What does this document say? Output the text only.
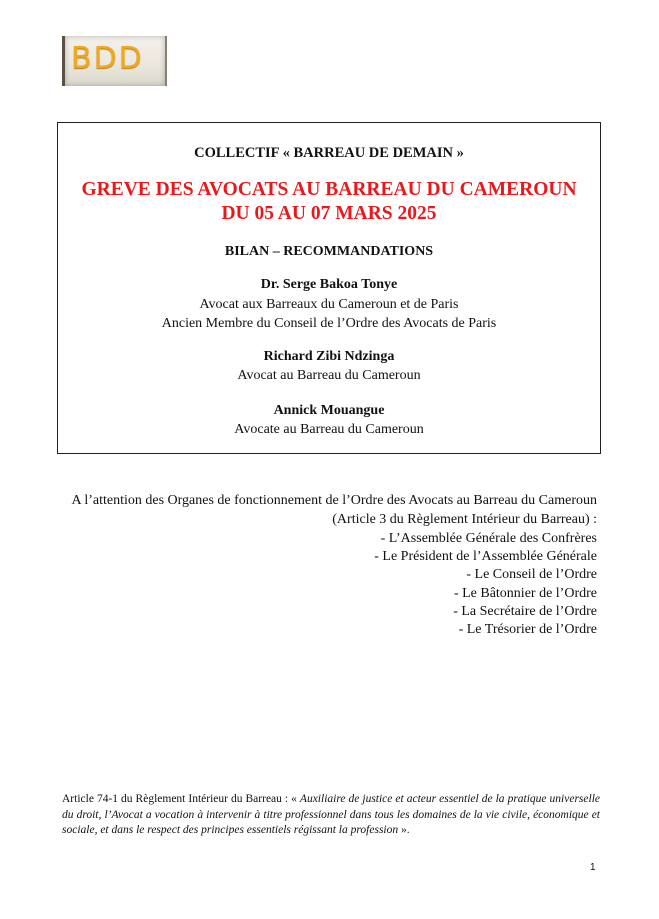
BDD
COLLECTIF « BARREAU DE DEMAIN »
GREVE DES AVOCATS AU BARREAU DU CAMEROUN
DU 05 AU 07 MARS 2025
BILAN – RECOMMANDATIONS
Dr. Serge Bakoa Tonye
Avocat aux Barreaux du Cameroun et de Paris
Ancien Membre du Conseil de l’Ordre des Avocats de Paris
Richard Zibi Ndzinga
Avocat au Barreau du Cameroun
Annick Mouangue
Avocate au Barreau du Cameroun
A l’attention des Organes de fonctionnement de l’Ordre des Avocats au Barreau du Cameroun (Article 3 du Règlement Intérieur du Barreau) :
- L’Assemblée Générale des Confrères
- Le Président de l’Assemblée Générale
- Le Conseil de l’Ordre
- Le Bâtonnier de l’Ordre
- La Secrétaire de l’Ordre
- Le Trésorier de l’Ordre
Article 74-1 du Règlement Intérieur du Barreau : « Auxiliaire de justice et acteur essentiel de la pratique universelle du droit, l’Avocat a vocation à intervenir à titre professionnel dans tous les domaines de la vie civile, économique et sociale, et dans le respect des principes essentiels régissant la profession ».
1
